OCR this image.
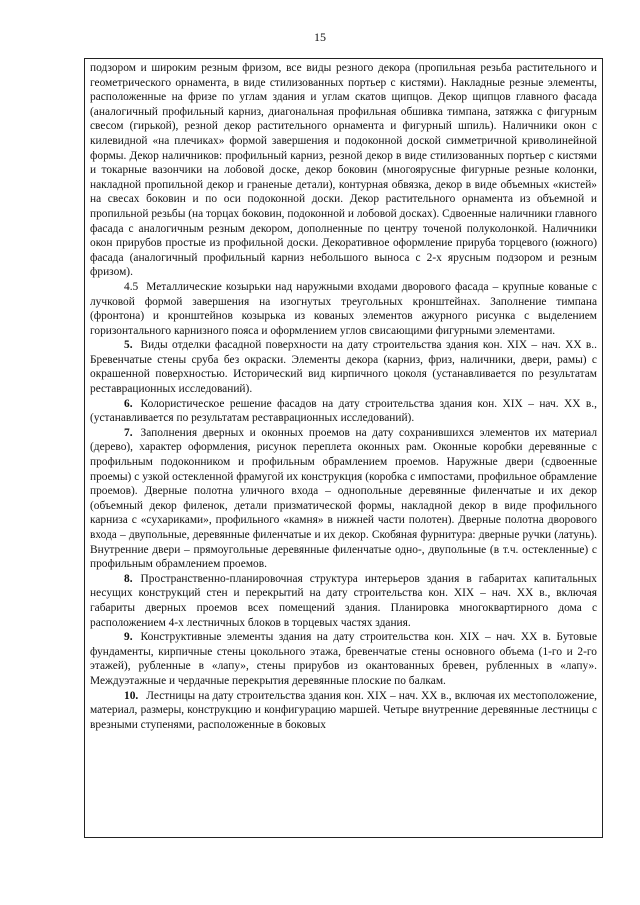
15

подзором и широким резным фризом, все виды резного декора (пропильная резьба растительного и геометрического орнамента, в виде стилизованных портьер с кистями). Накладные резные элементы, расположенные на фризе по углам здания и углам скатов щипцов. Декор щипцов главного фасада (аналогичный профильный карниз, диагональная профильная обшивка тимпана, затяжка с фигурным свесом (гирькой), резной декор растительного орнамента и фигурный шпиль). Наличники окон с килевидной «на плечиках» формой завершения и подоконной доской симметричной криволинейной формы. Декор наличников: профильный карниз, резной декор в виде стилизованных портьер с кистями и токарные вазончики на лобовой доске, декор боковин (многоярусные фигурные резные колонки, накладной пропильной декор и граненые детали), контурная обвязка, декор в виде объемных «кистей» на свесах боковин и по оси подоконной доски. Декор растительного орнамента из объемной и пропильной резьбы (на торцах боковин, подоконной и лобовой досках). Сдвоенные наличники главного фасада с аналогичным резным декором, дополненные по центру точеной полуколонкой. Наличники окон прирубов простые из профильной доски. Декоративное оформление прируба торцевого (южного) фасада (аналогичный профильный карниз небольшого выноса с 2-х ярусным подзором и резным фризом).

4.5 Металлические козырьки над наружными входами дворового фасада – крупные кованые с лучковой формой завершения на изогнутых треугольных кронштейнах. Заполнение тимпана (фронтона) и кронштейнов козырька из кованых элементов ажурного рисунка с выделением горизонтального карнизного пояса и оформлением углов свисающими фигурными элементами.

5. Виды отделки фасадной поверхности на дату строительства здания кон. XIX – нач. XX в.. Бревенчатые стены сруба без окраски. Элементы декора (карниз, фриз, наличники, двери, рамы) с окрашенной поверхностью. Исторический вид кирпичного цоколя (устанавливается по результатам реставрационных исследований).

6. Колористическое решение фасадов на дату строительства здания кон. XIX – нач. XX в., (устанавливается по результатам реставрационных исследований).

7. Заполнения дверных и оконных проемов на дату сохранившихся элементов их материал (дерево), характер оформления, рисунок переплета оконных рам. Оконные коробки деревянные с профильным подоконником и профильным обрамлением проемов. Наружные двери (сдвоенные проемы) с узкой остекленной фрамугой их конструкция (коробка с импостами, профильное обрамление проемов). Дверные полотна уличного входа – однопольные деревянные филенчатые и их декор (объемный декор филенок, детали призматической формы, накладной декор в виде профильного карниза с «сухариками», профильного «камня» в нижней части полотен). Дверные полотна дворового входа – двупольные, деревянные филенчатые и их декор. Скобяная фурнитура: дверные ручки (латунь). Внутренние двери – прямоугольные деревянные филенчатые одно-, двупольные (в т.ч. остекленные) с профильным обрамлением проемов.

8. Пространственно-планировочная структура интерьеров здания в габаритах капитальных несущих конструкций стен и перекрытий на дату строительства кон. XIX – нач. XX в., включая габариты дверных проемов всех помещений здания. Планировка многоквартирного дома с расположением 4-х лестничных блоков в торцевых частях здания.

9. Конструктивные элементы здания на дату строительства кон. XIX – нач. XX в. Бутовые фундаменты, кирпичные стены цокольного этажа, бревенчатые стены основного объема (1-го и 2-го этажей), рубленные в «лапу», стены прирубов из окантованных бревен, рубленных в «лапу». Междуэтажные и чердачные перекрытия деревянные плоские по балкам.

10. Лестницы на дату строительства здания кон. XIX – нач. XX в., включая их местоположение, материал, размеры, конструкцию и конфигурацию маршей. Четыре внутренние деревянные лестницы с врезными ступенями, расположенные в боковых
